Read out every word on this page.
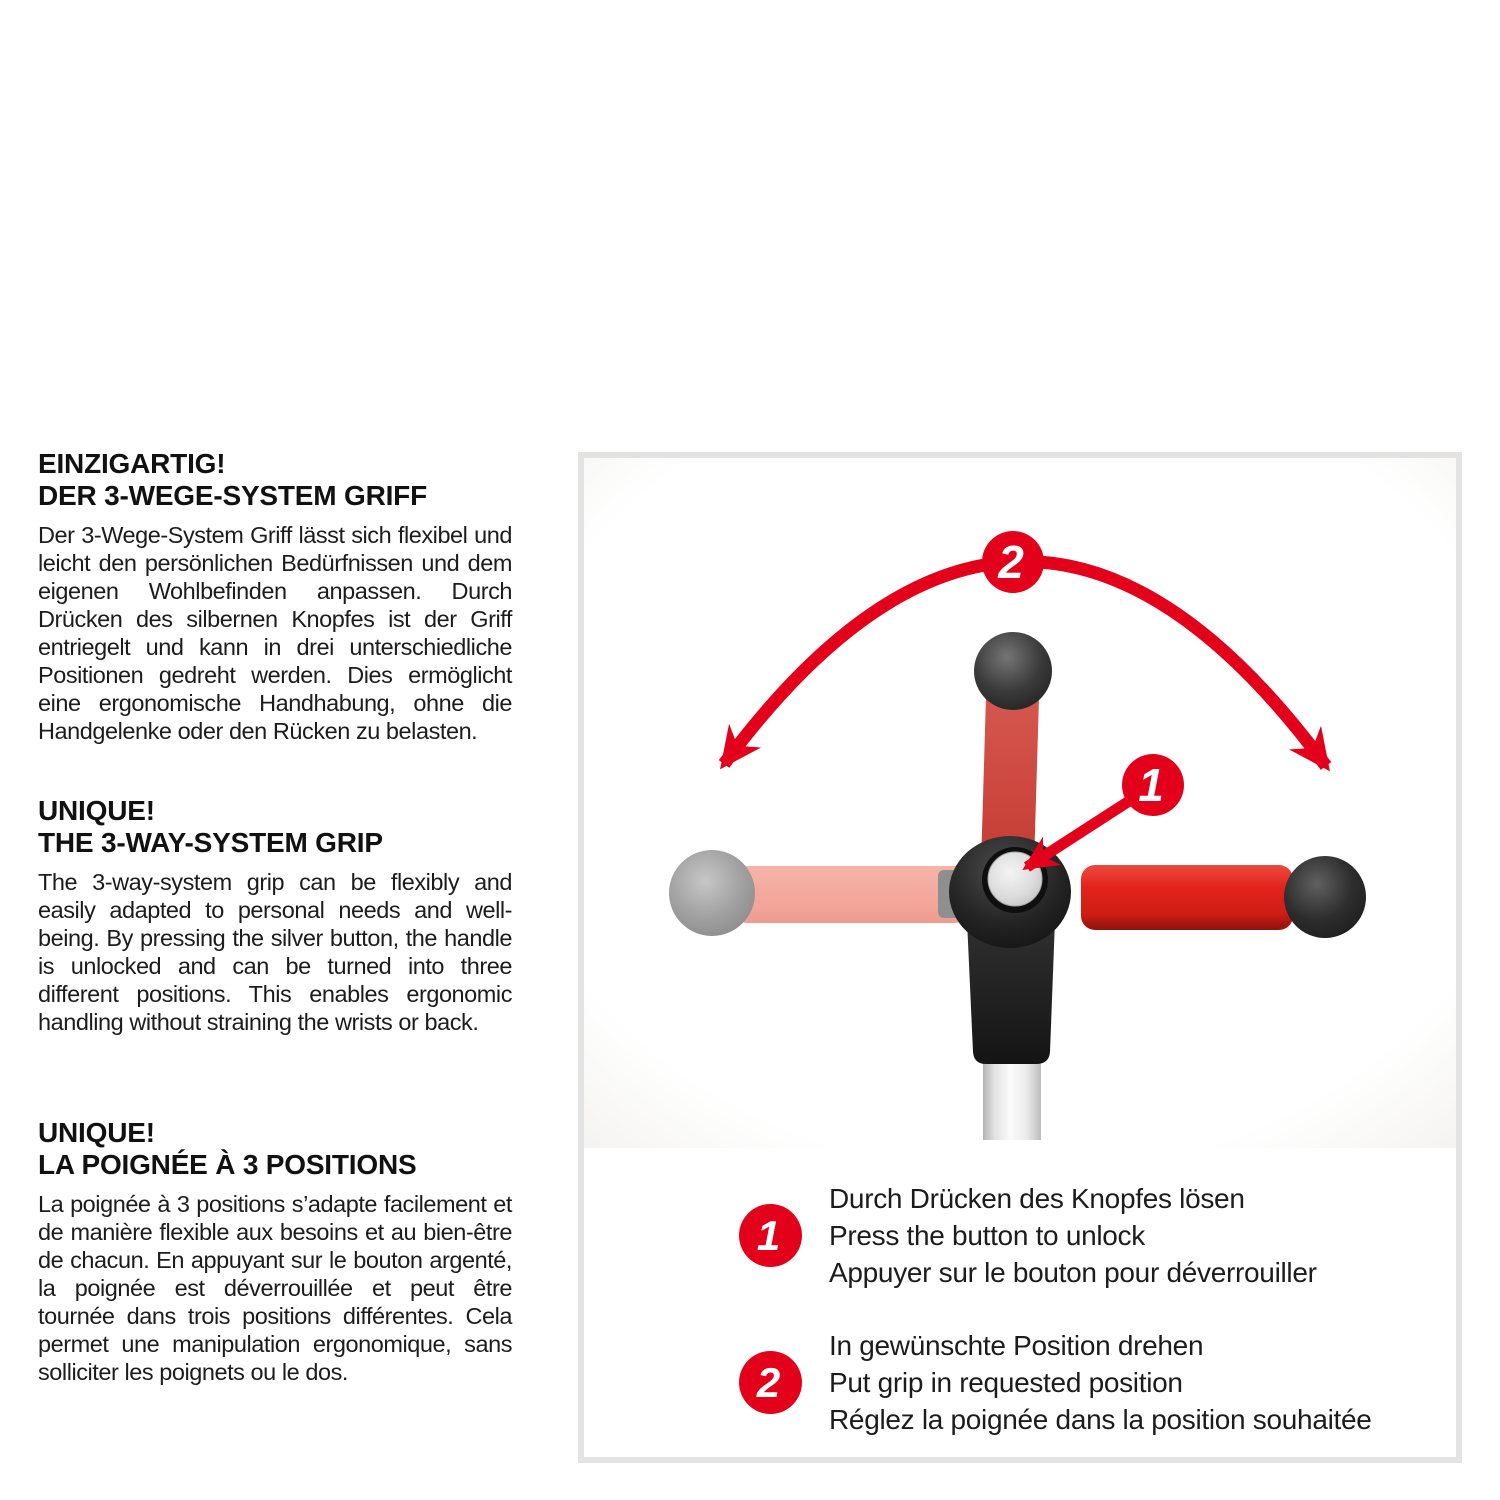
EINZIGARTIG!
DER 3-WEGE-SYSTEM GRIFF

Der 3-Wege-System Griff lässt sich flexibel und leicht den persönlichen Bedürfnissen und dem eigenen Wohlbefinden anpassen. Durch Drücken des silbernen Knopfes ist der Griff entriegelt und kann in drei unterschiedliche Positionen gedreht werden. Dies ermöglicht eine ergonomische Handhabung, ohne die Handgelenke oder den Rücken zu belasten.

UNIQUE!
THE 3-WAY-SYSTEM GRIP

The 3-way-system grip can be flexibly and easily adapted to personal needs and well-being. By pressing the silver button, the handle is unlocked and can be turned into three different positions. This enables ergonomic handling without straining the wrists or back.

UNIQUE!
LA POIGNÉE À 3 POSITIONS

La poignée à 3 positions s’adapte facilement et de manière flexible aux besoins et au bien-être de chacun. En appuyant sur le bouton argenté, la poignée est déverrouillée et peut être tournée dans trois positions différentes. Cela permet une manipulation ergonomique, sans solliciter les poignets ou le dos.

2
1
1
Durch Drücken des Knopfes lösen
Press the button to unlock
Appuyer sur le bouton pour déverrouiller
2
In gewünschte Position drehen
Put grip in requested position
Réglez la poignée dans la position souhaitée
